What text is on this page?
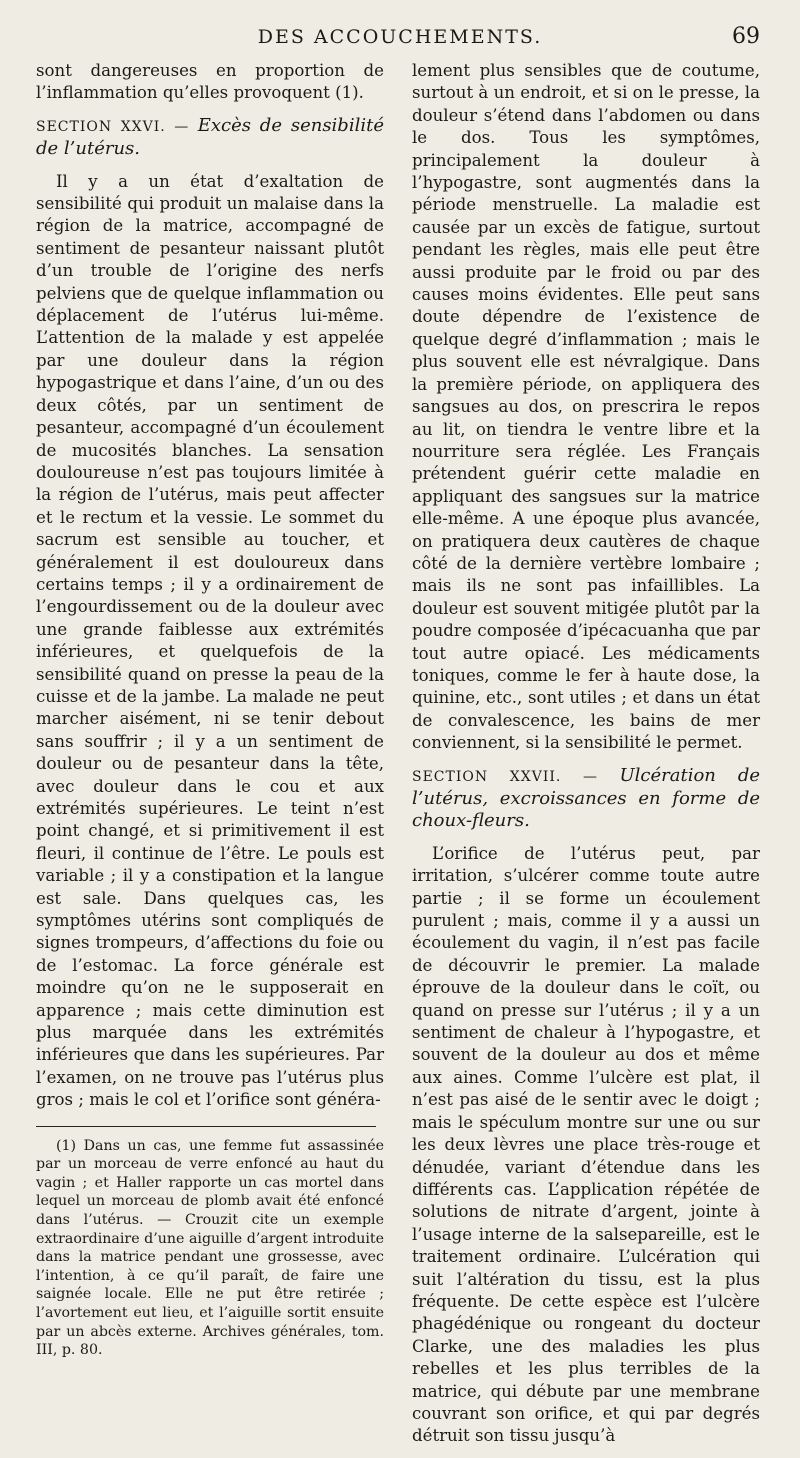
DES ACCOUCHEMENTS.	69

sont dangereuses en proportion de l’inflammation qu’elles provoquent (1).

SECTION XXVI. — Excès de sensibilité de l’utérus.

Il y a un état d’exaltation de sensibilité qui produit un malaise dans la région de la matrice, accompagné de sentiment de pesanteur naissant plutôt d’un trouble de l’origine des nerfs pelviens que de quelque inflammation ou déplacement de l’utérus lui-même. L’attention de la malade y est appelée par une douleur dans la région hypogastrique et dans l’aine, d’un ou des deux côtés, par un sentiment de pesanteur, accompagné d’un écoulement de mucosités blanches. La sensation douloureuse n’est pas toujours limitée à la région de l’utérus, mais peut affecter et le rectum et la vessie. Le sommet du sacrum est sensible au toucher, et généralement il est douloureux dans certains temps ; il y a ordinairement de l’engourdissement ou de la douleur avec une grande faiblesse aux extrémités inférieures, et quelquefois de la sensibilité quand on presse la peau de la cuisse et de la jambe. La malade ne peut marcher aisément, ni se tenir debout sans souffrir ; il y a un sentiment de douleur ou de pesanteur dans la tête, avec douleur dans le cou et aux extrémités supérieures. Le teint n’est point changé, et si primitivement il est fleuri, il continue de l’être. Le pouls est variable ; il y a constipation et la langue est sale. Dans quelques cas, les symptômes utérins sont compliqués de signes trompeurs, d’affections du foie ou de l’estomac. La force générale est moindre qu’on ne le supposerait en apparence ; mais cette diminution est plus marquée dans les extrémités inférieures que dans les supérieures. Par l’examen, on ne trouve pas l’utérus plus gros ; mais le col et l’orifice sont généra-

(1) Dans un cas, une femme fut assassinée par un morceau de verre enfoncé au haut du vagin ; et Haller rapporte un cas mortel dans lequel un morceau de plomb avait été enfoncé dans l’utérus. — Crouzit cite un exemple extraordinaire d’une aiguille d’argent introduite dans la matrice pendant une grossesse, avec l’intention, à ce qu’il paraît, de faire une saignée locale. Elle ne put être retirée ; l’avortement eut lieu, et l’aiguille sortit ensuite par un abcès externe. Archives générales, tom. III, p. 80.

lement plus sensibles que de coutume, surtout à un endroit, et si on le presse, la douleur s’étend dans l’abdomen ou dans le dos. Tous les symptômes, principalement la douleur à l’hypogastre, sont augmentés dans la période menstruelle. La maladie est causée par un excès de fatigue, surtout pendant les règles, mais elle peut être aussi produite par le froid ou par des causes moins évidentes. Elle peut sans doute dépendre de l’existence de quelque degré d’inflammation ; mais le plus souvent elle est névralgique. Dans la première période, on appliquera des sangsues au dos, on prescrira le repos au lit, on tiendra le ventre libre et la nourriture sera réglée. Les Français prétendent guérir cette maladie en appliquant des sangsues sur la matrice elle-même. A une époque plus avancée, on pratiquera deux cautères de chaque côté de la dernière vertèbre lombaire ; mais ils ne sont pas infaillibles. La douleur est souvent mitigée plutôt par la poudre composée d’ipécacuanha que par tout autre opiacé. Les médicaments toniques, comme le fer à haute dose, la quinine, etc., sont utiles ; et dans un état de convalescence, les bains de mer conviennent, si la sensibilité le permet.

SECTION XXVII. — Ulcération de l’utérus, excroissances en forme de choux-fleurs.

L’orifice de l’utérus peut, par irritation, s’ulcérer comme toute autre partie ; il se forme un écoulement purulent ; mais, comme il y a aussi un écoulement du vagin, il n’est pas facile de découvrir le premier. La malade éprouve de la douleur dans le coït, ou quand on presse sur l’utérus ; il y a un sentiment de chaleur à l’hypogastre, et souvent de la douleur au dos et même aux aines. Comme l’ulcère est plat, il n’est pas aisé de le sentir avec le doigt ; mais le spéculum montre sur une ou sur les deux lèvres une place très-rouge et dénudée, variant d’étendue dans les différents cas. L’application répétée de solutions de nitrate d’argent, jointe à l’usage interne de la salsepareille, est le traitement ordinaire. L’ulcération qui suit l’altération du tissu, est la plus fréquente. De cette espèce est l’ulcère phagédénique ou rongeant du docteur Clarke, une des maladies les plus rebelles et les plus terribles de la matrice, qui débute par une membrane couvrant son orifice, et qui par degrés détruit son tissu jusqu’à
